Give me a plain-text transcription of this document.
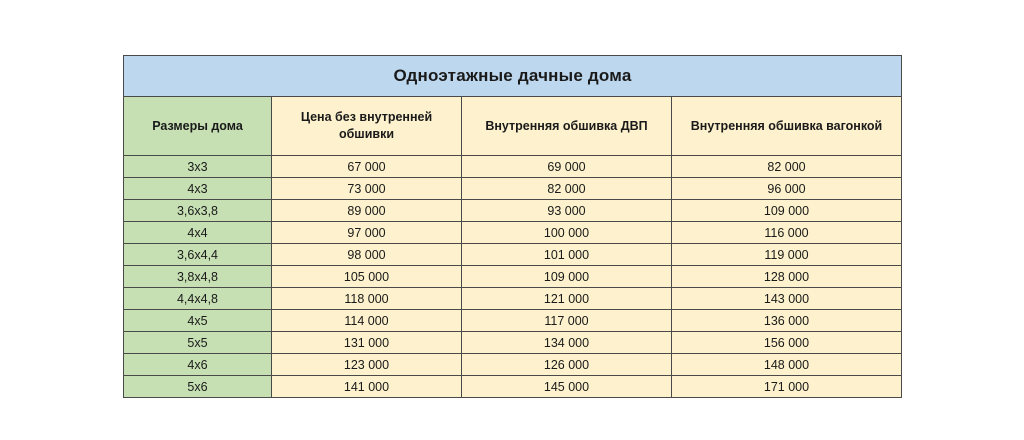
Одноэтажные дачные дома			
Размеры дома	Цена без внутренней обшивки	Внутренняя обшивка ДВП	Внутренняя обшивка вагонкой
3х3	67 000	69 000	82 000
4х3	73 000	82 000	96 000
3,6х3,8	89 000	93 000	109 000
4х4	97 000	100 000	116 000
3,6х4,4	98 000	101 000	119 000
3,8х4,8	105 000	109 000	128 000
4,4х4,8	118 000	121 000	143 000
4х5	114 000	117 000	136 000
5х5	131 000	134 000	156 000
4х6	123 000	126 000	148 000
5х6	141 000	145 000	171 000
